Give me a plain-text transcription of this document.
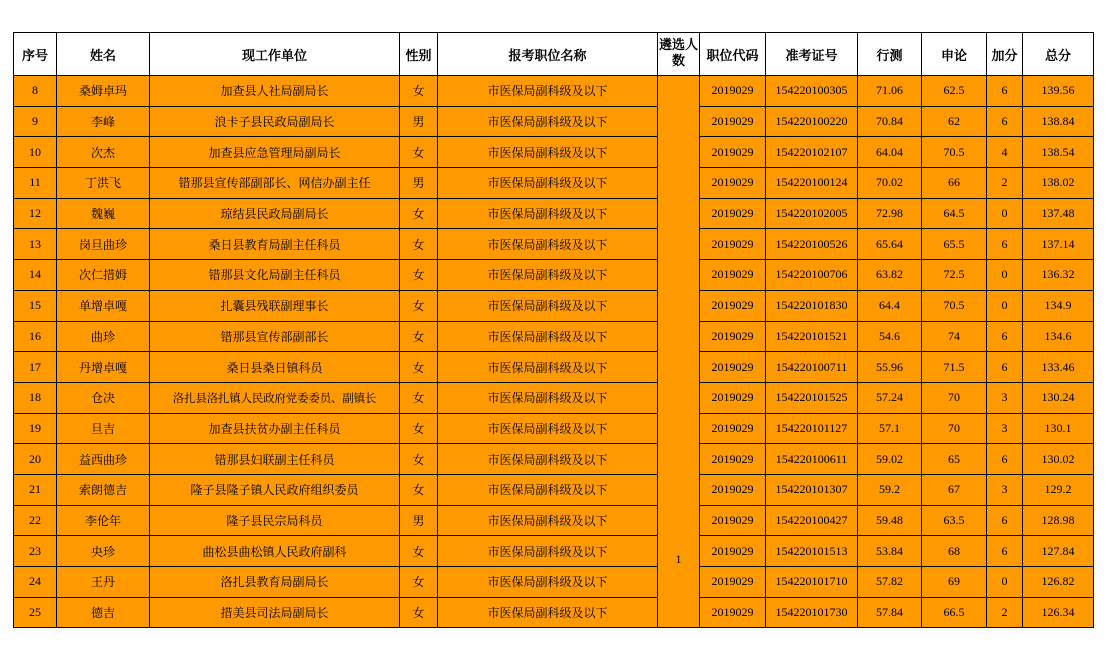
序号	姓名	现工作单位	性别	报考职位名称	遴选人数	职位代码	准考证号	行测	申论	加分	总分
8	桑姆卓玛	加查县人社局副局长	女	市医保局副科级及以下	1	2019029	154220100305	71.06	62.5	6	139.56
9	李峰	浪卡子县民政局副局长	男	市医保局副科级及以下		2019029	154220100220	70.84	62	6	138.84
10	次杰	加查县应急管理局副局长	女	市医保局副科级及以下		2019029	154220102107	64.04	70.5	4	138.54
11	丁洪飞	错那县宣传部副部长、网信办副主任	男	市医保局副科级及以下		2019029	154220100124	70.02	66	2	138.02
12	魏巍	琼结县民政局副局长	女	市医保局副科级及以下		2019029	154220102005	72.98	64.5	0	137.48
13	岗旦曲珍	桑日县教育局副主任科员	女	市医保局副科级及以下		2019029	154220100526	65.64	65.5	6	137.14
14	次仁措姆	错那县文化局副主任科员	女	市医保局副科级及以下		2019029	154220100706	63.82	72.5	0	136.32
15	单增卓嘎	扎囊县残联副理事长	女	市医保局副科级及以下		2019029	154220101830	64.4	70.5	0	134.9
16	曲珍	错那县宣传部副部长	女	市医保局副科级及以下		2019029	154220101521	54.6	74	6	134.6
17	丹增卓嘎	桑日县桑日镇科员	女	市医保局副科级及以下		2019029	154220100711	55.96	71.5	6	133.46
18	仓决	洛扎县洛扎镇人民政府党委委员、副镇长	女	市医保局副科级及以下		2019029	154220101525	57.24	70	3	130.24
19	旦吉	加查县扶贫办副主任科员	女	市医保局副科级及以下		2019029	154220101127	57.1	70	3	130.1
20	益西曲珍	错那县妇联副主任科员	女	市医保局副科级及以下		2019029	154220100611	59.02	65	6	130.02
21	索朗德吉	隆子县隆子镇人民政府组织委员	女	市医保局副科级及以下		2019029	154220101307	59.2	67	3	129.2
22	李伦年	隆子县民宗局科员	男	市医保局副科级及以下		2019029	154220100427	59.48	63.5	6	128.98
23	央珍	曲松县曲松镇人民政府副科	女	市医保局副科级及以下		2019029	154220101513	53.84	68	6	127.84
24	王丹	洛扎县教育局副局长	女	市医保局副科级及以下		2019029	154220101710	57.82	69	0	126.82
25	德吉	措美县司法局副局长	女	市医保局副科级及以下		2019029	154220101730	57.84	66.5	2	126.34
